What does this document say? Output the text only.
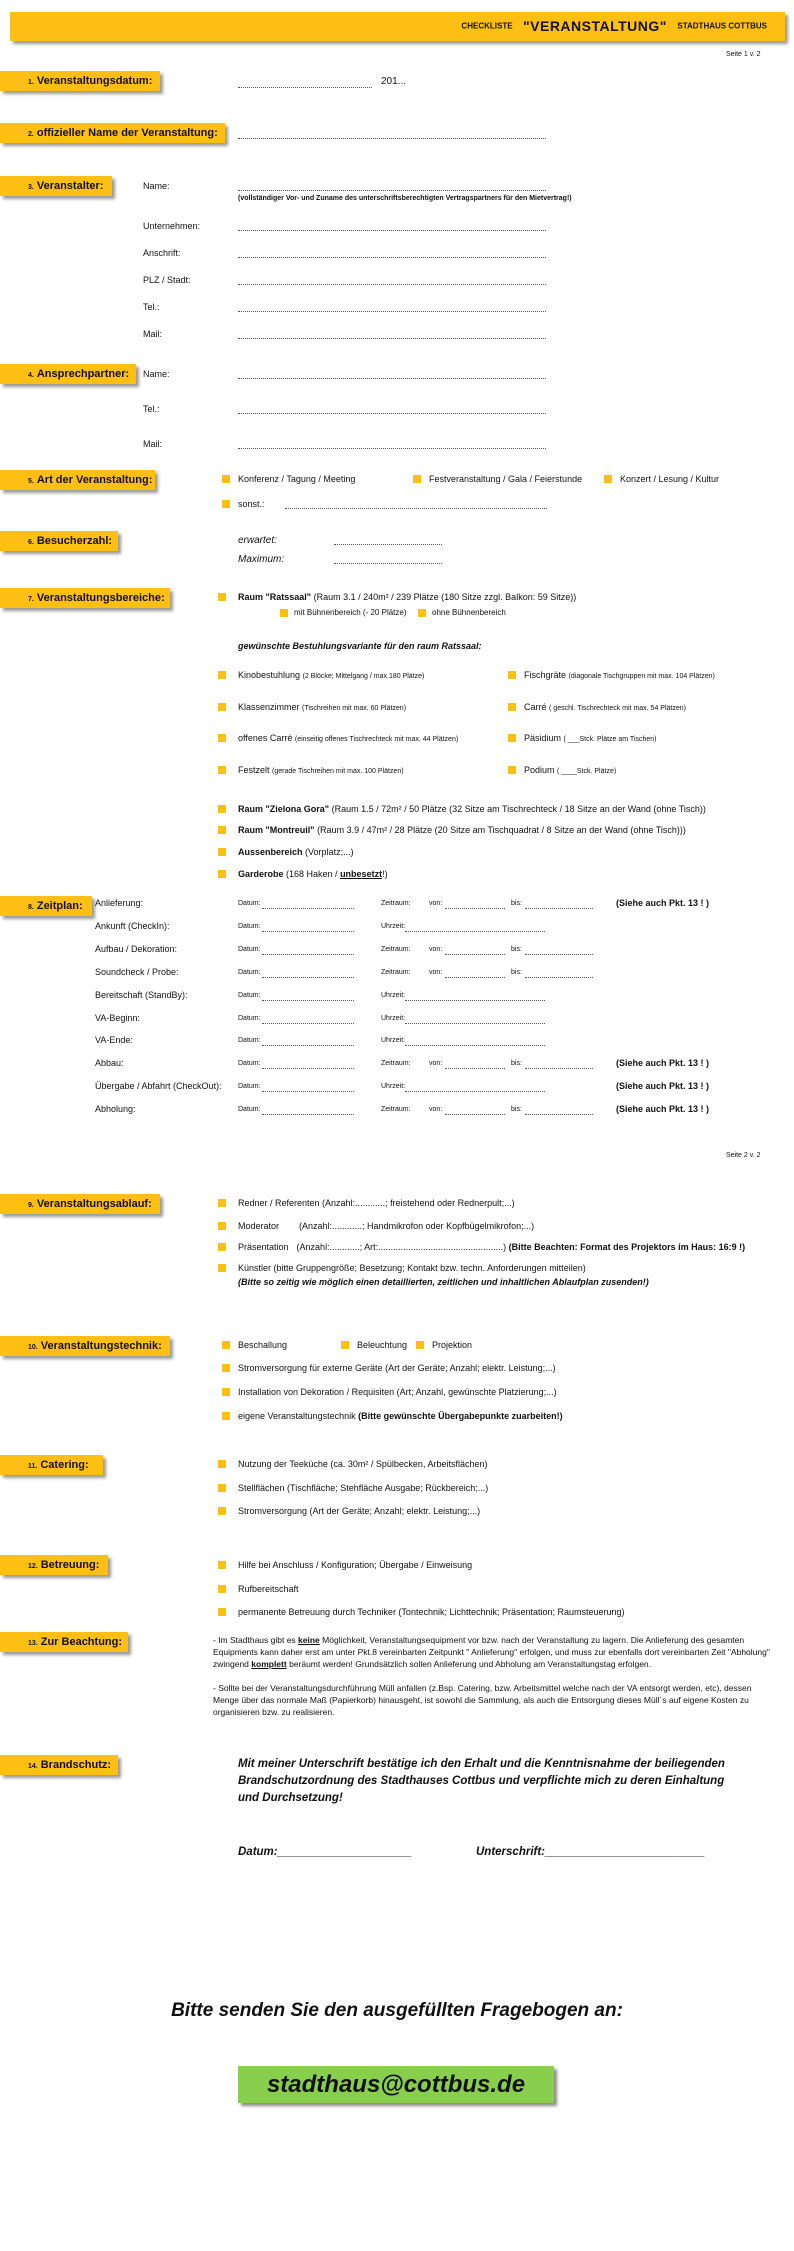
CHECKLISTE "VERANSTALTUNG" STADTHAUS COTTBUS
Seite 1 v. 2
1. Veranstaltungsdatum:	201...
2. offizieller Name der Veranstaltung:
3. Veranstalter:	Name:
(vollständiger Vor- und Zuname des unterschriftsberechtigten Vertragspartners für den Mietvertrag!)
Unternehmen:
Anschrift:
PLZ / Stadt:
Tel.:
Mail:
4. Ansprechpartner:	Name:
Tel.:
Mail:
5. Art der Veranstaltung:	Konferenz / Tagung / Meeting	Festveranstaltung / Gala / Feierstunde	Konzert / Lesung / Kultur
sonst.:
6. Besucherzahl:	erwartet:
Maximum:
7. Veranstaltungsbereiche:	Raum "Ratssaal" (Raum 3.1 / 240m² / 239 Plätze (180 Sitze zzgl. Balkon: 59 Sitze))
mit Bühnenbereich (- 20 Plätze)	ohne Bühnenbereich
gewünschte Bestuhlungsvariante für den raum Ratssaal:
Kinobestuhlung (2 Blöcke; Mittelgang / max.180 Plätze)	Fischgräte (diagonale Tischgruppen mit max. 104 Plätzen)
Klassenzimmer (Tischreihen mit max. 60 Plätzen)	Carré ( geschl. Tischrechteck mit max. 54 Plätzen)
offenes Carré (einseitig offenes Tischrechteck mit max. 44 Plätzen)	Päsidium ( ___Stck. Plätze am Tischen)
Festzelt (gerade Tischreihen mit max. 100 Plätzen)	Podium ( ____Stck. Plätze)
Raum "Zielona Gora" (Raum 1.5 / 72m² / 50 Plätze (32 Sitze am Tischrechteck / 18 Sitze an der Wand (ohne Tisch))
Raum "Montreuil" (Raum 3.9 / 47m² / 28 Plätze (20 Sitze am Tischquadrat / 8 Sitze an der Wand (ohne Tisch)))
Aussenbereich (Vorplatz;...)
Garderobe (168 Haken / unbesetzt!)
8. Zeitplan:	Anlieferung:	Datum:	Zeitraum:	von:	bis:	(Siehe auch Pkt. 13 ! )
Ankunft (CheckIn):	Datum:	Uhrzeit:
Aufbau / Dekoration:	Datum:	Zeitraum:	von:	bis:
Soundcheck / Probe:	Datum:	Zeitraum:	von:	bis:
Bereitschaft (StandBy):	Datum:	Uhrzeit:
VA-Beginn:	Datum:	Uhrzeit:
VA-Ende:	Datum:	Uhrzeit:
Abbau:	Datum:	Zeitraum:	von:	bis:	(Siehe auch Pkt. 13 ! )
Übergabe / Abfahrt (CheckOut): Datum:	Uhrzeit:	(Siehe auch Pkt. 13 ! )
Abholung:	Datum:	Zeitraum:	von:	bis:	(Siehe auch Pkt. 13 ! )
Seite 2 v. 2
9. Veranstaltungsablauf:	Redner / Referenten (Anzahl:............; freistehend oder Rednerpult;...)
Moderator (Anzahl:............; Handmikrofon oder Kopfbügelmikrofon;...)
Präsentation (Anzahl:............; Art:..................................................) (Bitte Beachten: Format des Projektors im Haus: 16:9 !)
Künstler (bitte Gruppengröße; Besetzung; Kontakt bzw. techn. Anforderungen mitteilen)
(Bitte so zeitig wie möglich einen detaillierten, zeitlichen und inhaltlichen Ablaufplan zusenden!)
10. Veranstaltungstechnik:	Beschallung	Beleuchtung	Projektion
Stromversorgung für externe Geräte (Art der Geräte; Anzahl; elektr. Leistung;...)
Installation von Dekoration / Requisiten (Art; Anzahl, gewünschte Platzierung;...)
eigene Veranstaltungstechnik (Bitte gewünschte Übergabepunkte zuarbeiten!)
11. Catering:	Nutzung der Teeküche (ca. 30m² / Spülbecken, Arbeitsflächen)
Stellflächen (Tischfläche; Stehfläche Ausgabe; Rückbereich;...)
Stromversorgung (Art der Geräte; Anzahl; elektr. Leistung;...)
12. Betreuung:	Hilfe bei Anschluss / Konfiguration; Übergabe / Einweisung
Rufbereitschaft
permanente Betreuung durch Techniker (Tontechnik; Lichttechnik; Präsentation; Raumsteuerung)
13. Zur Beachtung:	- Im Stadthaus gibt es keine Möglichkeit, Veranstaltungsequipment vor bzw. nach der Veranstaltung zu lagern. Die Anlieferung des gesamten Equipments kann daher erst am unter Pkt.8 vereinbarten Zeitpunkt " Anlieferung" erfolgen, und muss zur ebenfalls dort vereinbarten Zeit "Abholung" zwingend komplett beräumt werden! Grundsätzlich sollen Anlieferung und Abholung am Veranstaltungstag erfolgen.
- Sollte bei der Veranstaltungsdurchführung Müll anfallen (z.Bsp. Catering, bzw. Arbeitsmittel welche nach der VA entsorgt werden, etc), dessen Menge über das normale Maß (Papierkorb) hinausgeht, ist sowohl die Sammlung, als auch die Entsorgung dieses Müll´s auf eigene Kosten zu organisieren bzw. zu realisieren.
14. Brandschutz:	Mit meiner Unterschrift bestätige ich den Erhalt und die Kenntnisnahme der beiliegenden Brandschutzordnung des Stadthauses Cottbus und verpflichte mich zu deren Einhaltung und Durchsetzung!
Datum:_____________________	Unterschrift:_________________________
Bitte senden Sie den ausgefüllten Fragebogen an:
stadthaus@cottbus.de
